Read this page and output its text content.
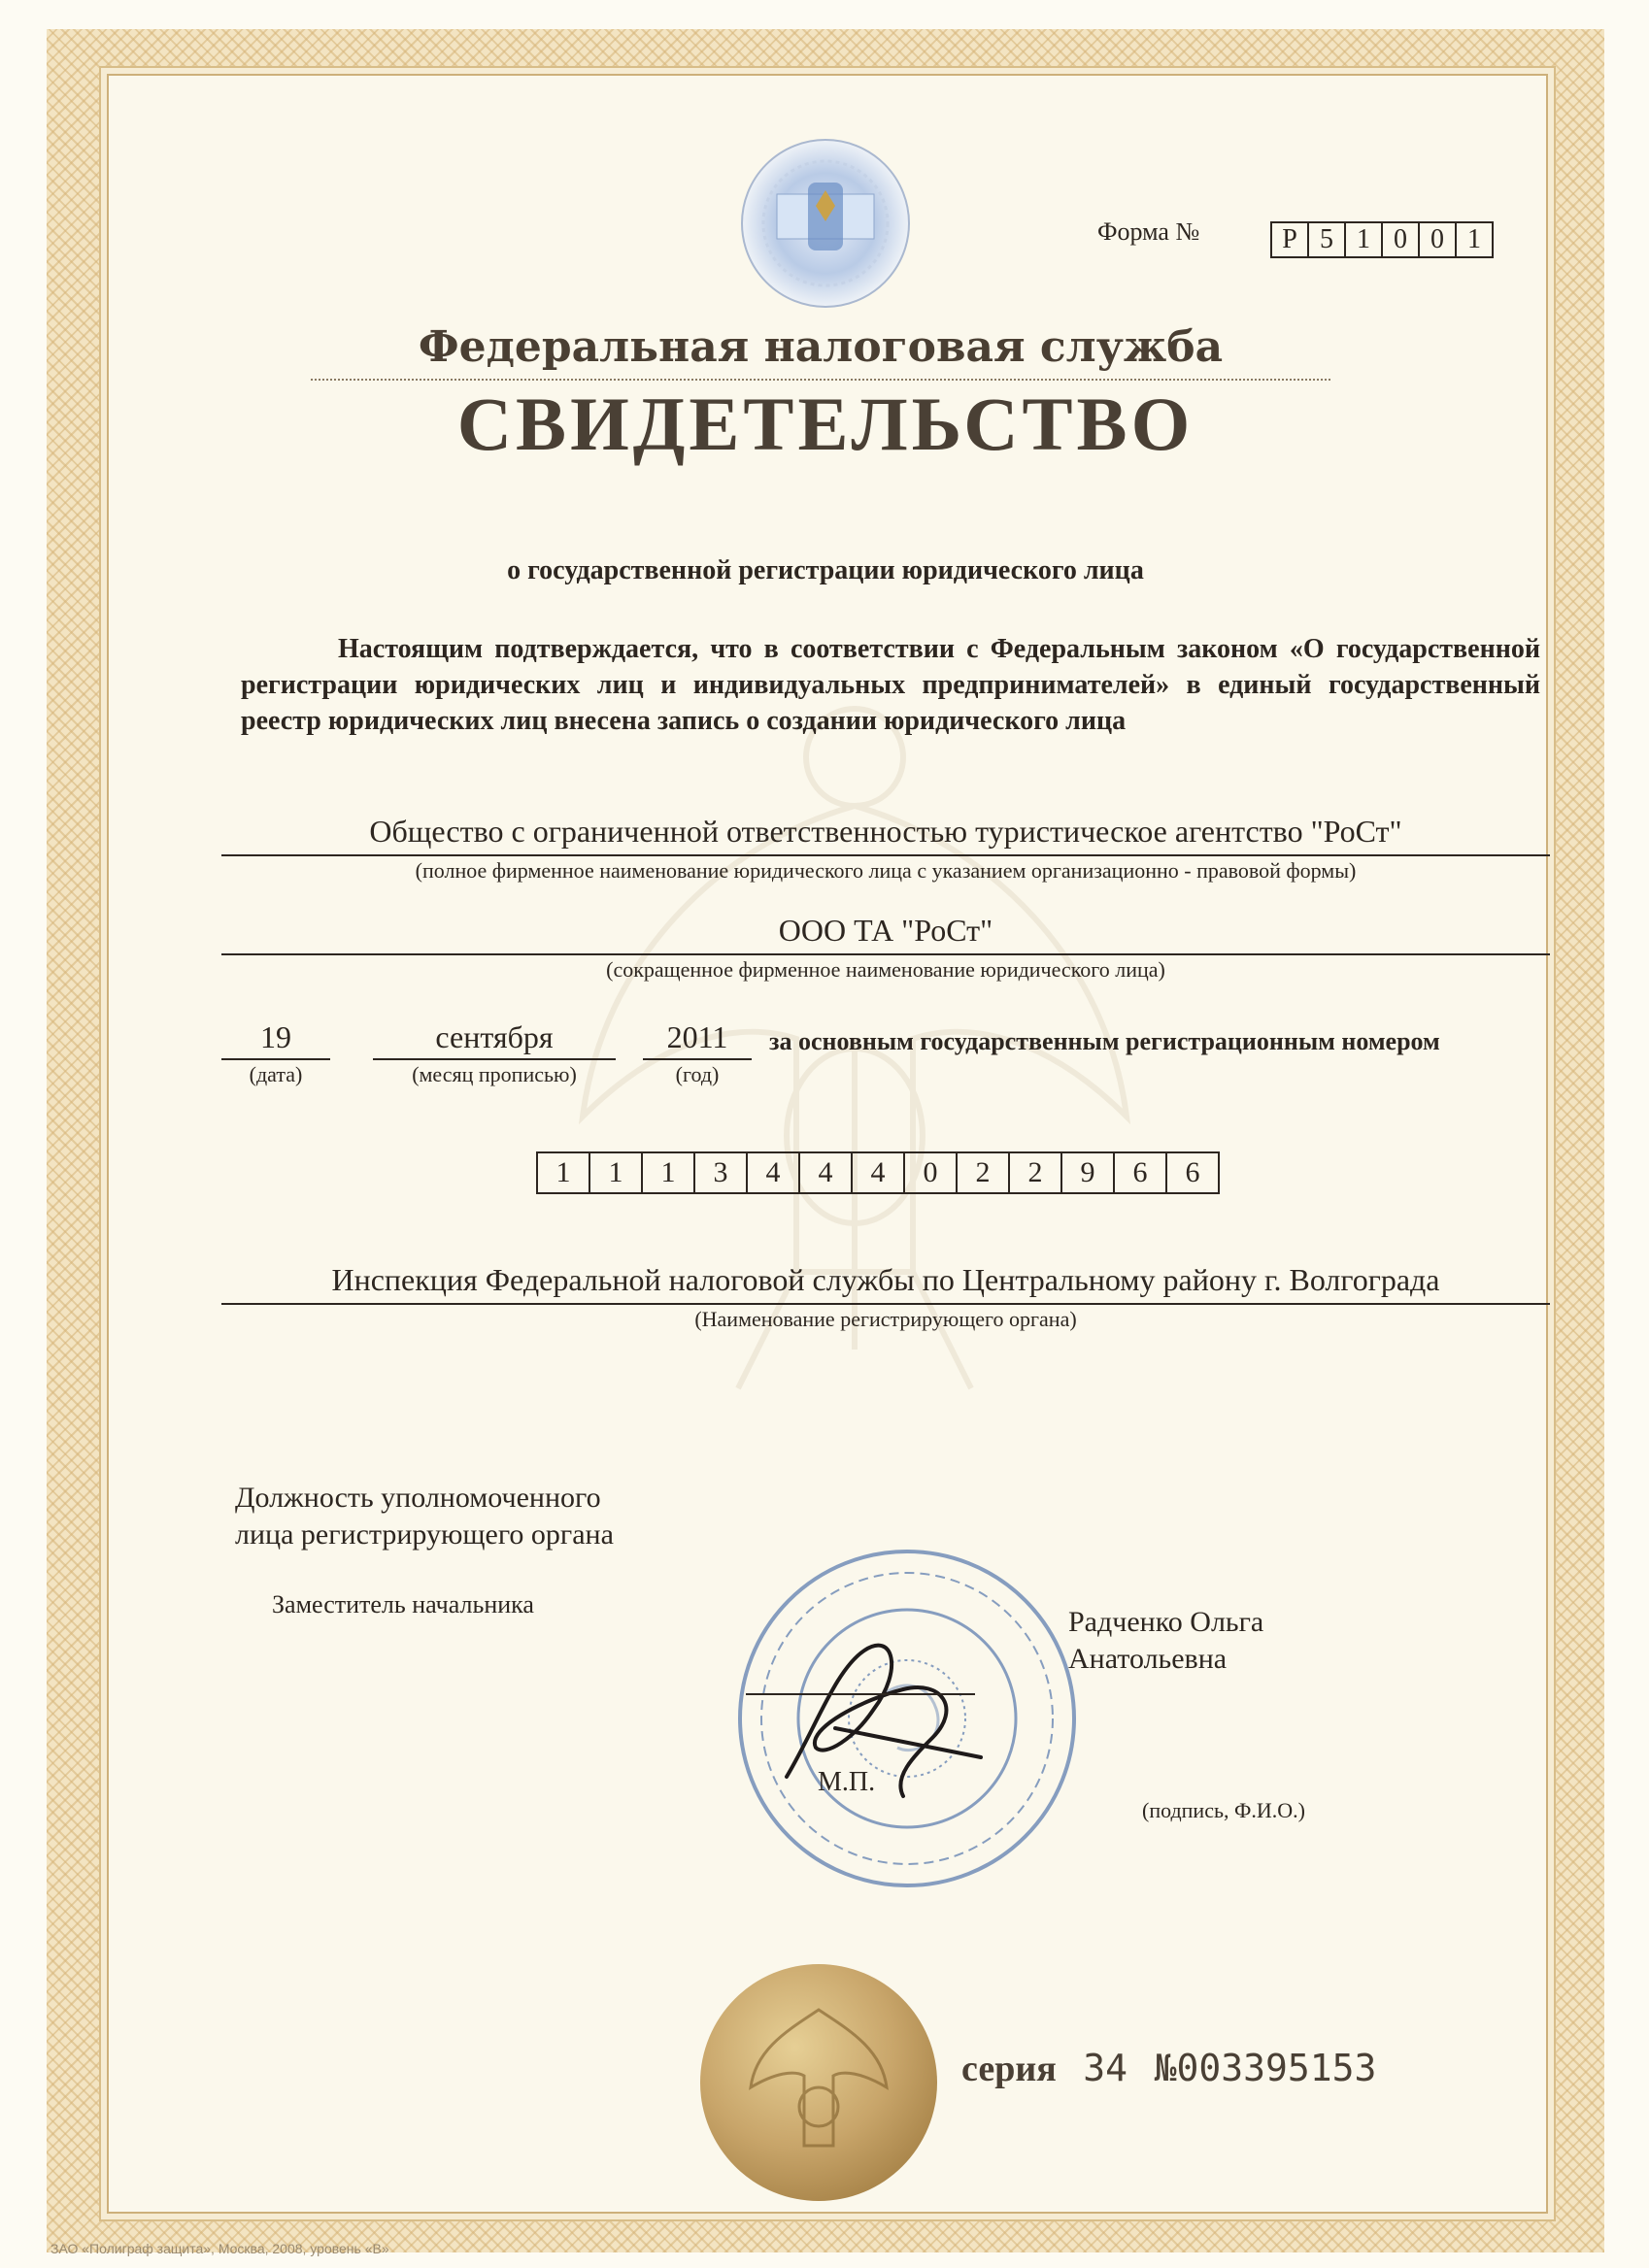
Форма №	Р 5 1 0 0 1
Федеральная налоговая служба
СВИДЕТЕЛЬСТВО
о государственной регистрации юридического лица
Настоящим подтверждается, что в соответствии с Федеральным законом «О государственной регистрации юридических лиц и индивидуальных предпринимателей» в единый государственный реестр юридических лиц внесена запись о создании юридического лица
Общество с ограниченной ответственностью туристическое агентство "РоСт"
(полное фирменное наименование юридического лица с указанием организационно - правовой формы)
ООО ТА "РоСт"
(сокращенное фирменное наименование юридического лица)
19
(дата)
сентября
(месяц прописью)
2011
(год)
за основным государственным регистрационным номером
1	1	1	3	4	4	4	0	2	2	9	6	6
Инспекция Федеральной налоговой службы по Центральному району г. Волгограда
(Наименование регистрирующего органа)
Должность уполномоченного
лица регистрирующего органа
Заместитель начальника
М.П.
Радченко Ольга
Анатольевна
(подпись, Ф.И.О.)
серия 34 №003395153
ЗАО «Полиграф защита», Москва, 2008, уровень «В»
